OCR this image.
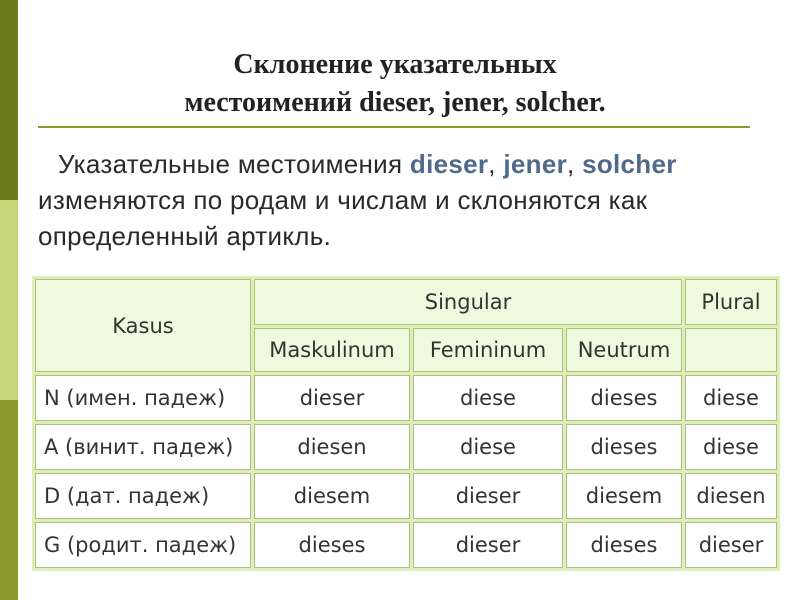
Склонение указательных
местоимений dieser, jener, solcher.
Указательные местоимения dieser, jener, solcher изменяются по родам и числам и склоняются как определенный артикль.
Kasus	Singular			Plural
	Maskulinum	Femininum	Neutrum	
N (имен. падеж)	dieser	diese	dieses	diese
A (винит. падеж)	diesen	diese	dieses	diese
D (дат. падеж)	diesem	dieser	diesem	diesen
G (родит. падеж)	dieses	dieser	dieses	dieser
